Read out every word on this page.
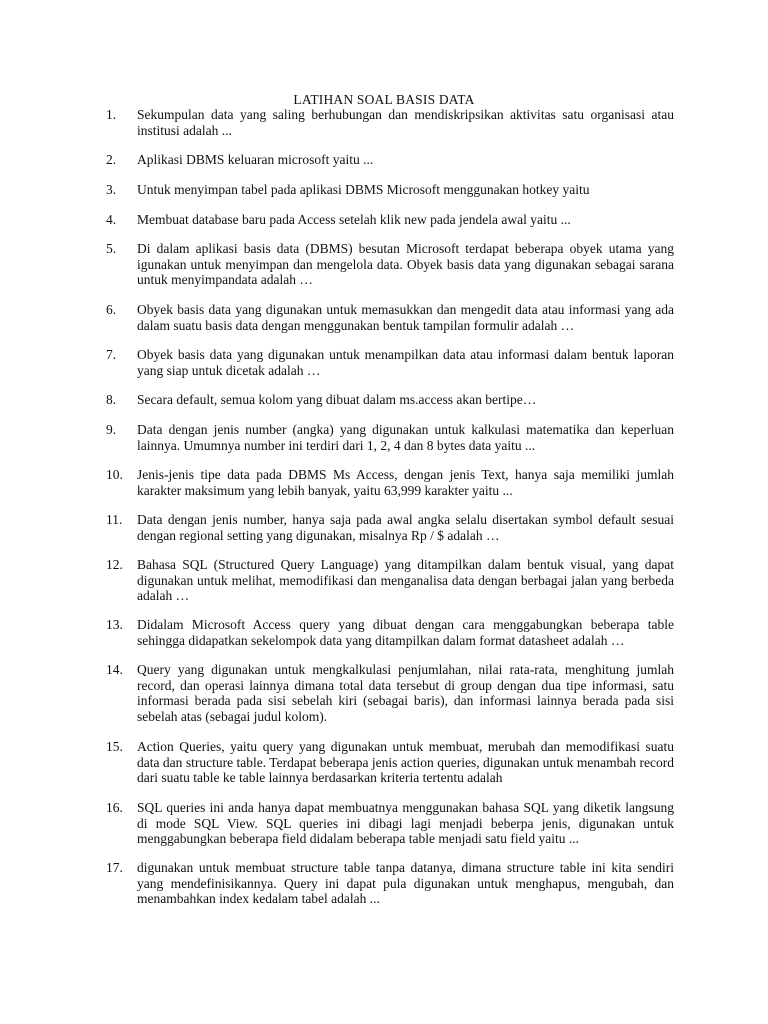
LATIHAN SOAL BASIS DATA
1.	Sekumpulan data yang saling berhubungan dan mendiskripsikan aktivitas satu organisasi atau institusi adalah ...
2.	Aplikasi DBMS keluaran microsoft yaitu ...
3.	Untuk menyimpan tabel pada aplikasi DBMS Microsoft menggunakan hotkey yaitu
4.	Membuat database baru pada Access setelah klik new pada jendela awal yaitu ...
5.	Di dalam aplikasi basis data (DBMS) besutan Microsoft terdapat beberapa obyek utama yang igunakan untuk menyimpan dan mengelola data. Obyek basis data yang digunakan sebagai sarana untuk menyimpandata adalah …
6.	Obyek basis data yang digunakan untuk memasukkan dan mengedit data atau informasi yang ada dalam suatu basis data dengan menggunakan bentuk tampilan formulir adalah …
7.	Obyek basis data yang digunakan untuk menampilkan data atau informasi dalam bentuk laporan yang siap untuk dicetak adalah …
8.	Secara default, semua kolom yang dibuat dalam ms.access akan bertipe…
9.	Data dengan jenis number (angka) yang digunakan untuk kalkulasi matematika dan keperluan lainnya. Umumnya number ini terdiri dari 1, 2, 4 dan 8 bytes data yaitu ...
10.	Jenis-jenis tipe data pada DBMS Ms Access, dengan jenis Text, hanya saja memiliki jumlah karakter maksimum yang lebih banyak, yaitu 63,999 karakter yaitu ...
11.	Data dengan jenis number, hanya saja pada awal angka selalu disertakan symbol default sesuai dengan regional setting yang digunakan, misalnya Rp / $ adalah …
12.	Bahasa SQL (Structured Query Language) yang ditampilkan dalam bentuk visual, yang dapat digunakan untuk melihat, memodifikasi dan menganalisa data dengan berbagai jalan yang berbeda adalah …
13.	Didalam Microsoft Access query yang dibuat dengan cara menggabungkan beberapa table sehingga didapatkan sekelompok data yang ditampilkan dalam format datasheet adalah …
14.	Query yang digunakan untuk mengkalkulasi penjumlahan, nilai rata-rata, menghitung jumlah record, dan operasi lainnya dimana total data tersebut di group dengan dua tipe informasi, satu informasi berada pada sisi sebelah kiri (sebagai baris), dan informasi lainnya berada pada sisi sebelah atas (sebagai judul kolom).
15.	Action Queries, yaitu query yang digunakan untuk membuat, merubah dan memodifikasi suatu data dan structure table. Terdapat beberapa jenis action queries, digunakan untuk menambah record dari suatu table ke table lainnya berdasarkan kriteria tertentu adalah
16.	SQL queries ini anda hanya dapat membuatnya menggunakan bahasa SQL yang diketik langsung di mode SQL View. SQL queries ini dibagi lagi menjadi beberpa jenis, digunakan untuk menggabungkan beberapa field didalam beberapa table menjadi satu field yaitu ...
17.	digunakan untuk membuat structure table tanpa datanya, dimana structure table ini kita sendiri yang mendefinisikannya. Query ini dapat pula digunakan untuk menghapus, mengubah, dan menambahkan index kedalam tabel adalah ...
